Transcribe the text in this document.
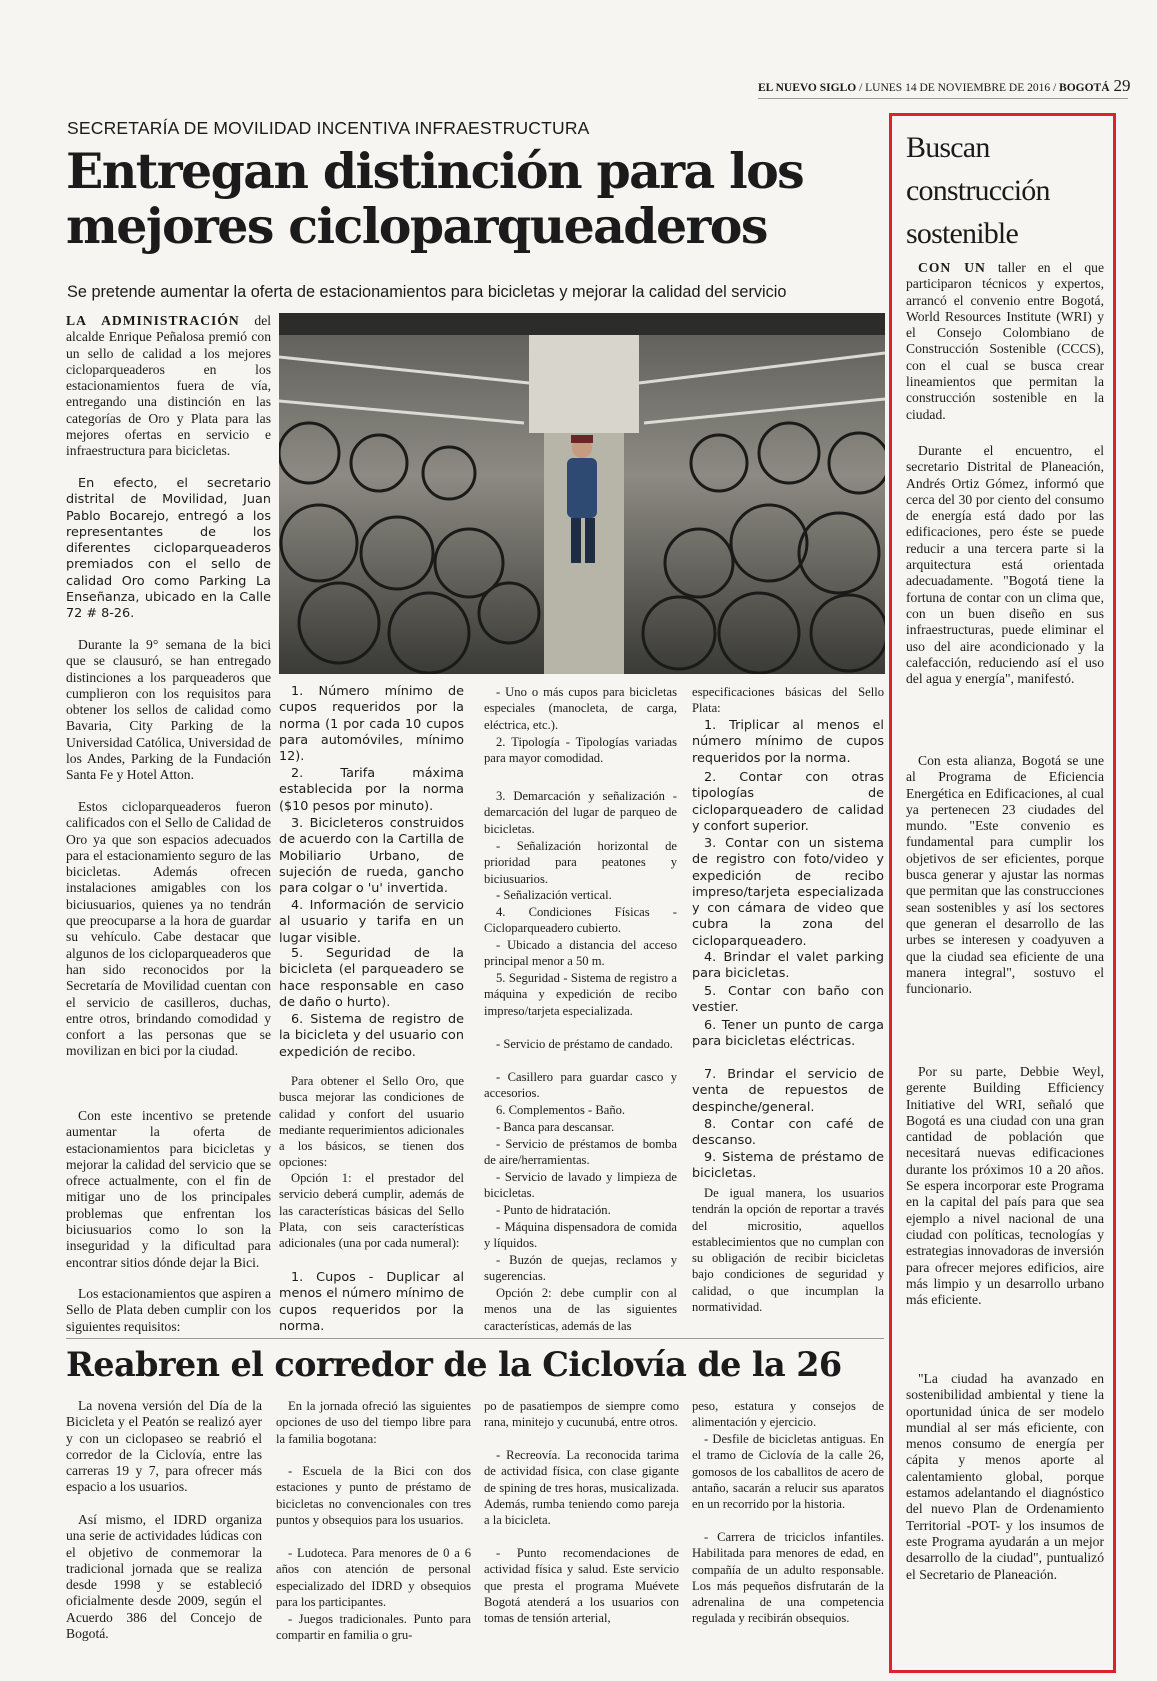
EL NUEVO SIGLO / LUNES 14 DE NOVIEMBRE DE 2016 / BOGOTÁ 29
SECRETARÍA DE MOVILIDAD INCENTIVA INFRAESTRUCTURA
Entregan distinción para los mejores cicloparqueaderos
Se pretende aumentar la oferta de estacionamientos para bicicletas y mejorar la calidad del servicio
LA ADMINISTRACIÓN del alcalde Enrique Peñalosa premió con un sello de calidad a los mejores cicloparqueaderos en los estacionamientos fuera de vía, entregando una distinción en las categorías de Oro y Plata para las mejores ofertas en servicio e infraestructura para bicicletas.
En efecto, el secretario distrital de Movilidad, Juan Pablo Bocarejo, entregó a los representantes de los diferentes cicloparqueaderos premiados con el sello de calidad Oro como Parking La Enseñanza, ubicado en la Calle 72 # 8-26.
Durante la 9° semana de la bici que se clausuró, se han entregado distinciones a los parqueaderos que cumplieron con los requisitos para obtener los sellos de calidad como Bavaria, City Parking de la Universidad Católica, Universidad de los Andes, Parking de la Fundación Santa Fe y Hotel Atton.
Estos cicloparqueaderos fueron calificados con el Sello de Calidad de Oro ya que son espacios adecuados para el estacionamiento seguro de las bicicletas. Además ofrecen instalaciones amigables con los biciusuarios, quienes ya no tendrán que preocuparse a la hora de guardar su vehículo. Cabe destacar que algunos de los cicloparqueaderos que han sido reconocidos por la Secretaría de Movilidad cuentan con el servicio de casilleros, duchas, entre otros, brindando comodidad y confort a las personas que se movilizan en bici por la ciudad.
Con este incentivo se pretende aumentar la oferta de estacionamientos para bicicletas y mejorar la calidad del servicio que se ofrece actualmente, con el fin de mitigar uno de los principales problemas que enfrentan los biciusuarios como lo son la inseguridad y la dificultad para encontrar sitios dónde dejar la Bici.
Los estacionamientos que aspiren a Sello de Plata deben cumplir con los siguientes requisitos:
1. Número mínimo de cupos requeridos por la norma (1 por cada 10 cupos para automóviles, mínimo 12).
2. Tarifa máxima establecida por la norma ($10 pesos por minuto).
3. Bicicleteros construidos de acuerdo con la Cartilla de Mobiliario Urbano, de sujeción de rueda, gancho para colgar o 'u' invertida.
4. Información de servicio al usuario y tarifa en un lugar visible.
5. Seguridad de la bicicleta (el parqueadero se hace responsable en caso de daño o hurto).
6. Sistema de registro de la bicicleta y del usuario con expedición de recibo.
Para obtener el Sello Oro, que busca mejorar las condiciones de calidad y confort del usuario mediante requerimientos adicionales a los básicos, se tienen dos opciones:
Opción 1: el prestador del servicio deberá cumplir, además de las características básicas del Sello Plata, con seis características adicionales (una por cada numeral):
1. Cupos - Duplicar al menos el número mínimo de cupos requeridos por la norma.
- Uno o más cupos para bicicletas especiales (manocleta, de carga, eléctrica, etc.).
2. Tipología - Tipologías variadas para mayor comodidad.
3. Demarcación y señalización - demarcación del lugar de parqueo de bicicletas.
- Señalización horizontal de prioridad para peatones y biciusuarios.
- Señalización vertical.
4. Condiciones Físicas - Cicloparqueadero cubierto.
- Ubicado a distancia del acceso principal menor a 50 m.
5. Seguridad - Sistema de registro a máquina y expedición de recibo impreso/tarjeta especializada.
- Servicio de préstamo de candado.
- Casillero para guardar casco y accesorios.
6. Complementos - Baño.
- Banca para descansar.
- Servicio de préstamos de bomba de aire/herramientas.
- Servicio de lavado y limpieza de bicicletas.
- Punto de hidratación.
- Máquina dispensadora de comida y líquidos.
- Buzón de quejas, reclamos y sugerencias.
Opción 2: debe cumplir con al menos una de las siguientes características, además de las
especificaciones básicas del Sello Plata:
1. Triplicar al menos el número mínimo de cupos requeridos por la norma.
2. Contar con otras tipologías de cicloparqueadero de calidad y confort superior.
3. Contar con un sistema de registro con foto/video y expedición de recibo impreso/tarjeta especializada y con cámara de video que cubra la zona del cicloparqueadero.
4. Brindar el valet parking para bicicletas.
5. Contar con baño con vestier.
6. Tener un punto de carga para bicicletas eléctricas.
7. Brindar el servicio de venta de repuestos de despinche/general.
8. Contar con café de descanso.
9. Sistema de préstamo de bicicletas.
De igual manera, los usuarios tendrán la opción de reportar a través del micrositio, aquellos establecimientos que no cumplan con su obligación de recibir bicicletas bajo condiciones de seguridad y calidad, o que incumplan la normatividad.
Buscan construcción sostenible
CON UN taller en el que participaron técnicos y expertos, arrancó el convenio entre Bogotá, World Resources Institute (WRI) y el Consejo Colombiano de Construcción Sostenible (CCCS), con el cual se busca crear lineamientos que permitan la construcción sostenible en la ciudad.
Durante el encuentro, el secretario Distrital de Planeación, Andrés Ortiz Gómez, informó que cerca del 30 por ciento del consumo de energía está dado por las edificaciones, pero éste se puede reducir a una tercera parte si la arquitectura está orientada adecuadamente. "Bogotá tiene la fortuna de contar con un clima que, con un buen diseño en sus infraestructuras, puede eliminar el uso del aire acondicionado y la calefacción, reduciendo así el uso del agua y energía", manifestó.
Con esta alianza, Bogotá se une al Programa de Eficiencia Energética en Edificaciones, al cual ya pertenecen 23 ciudades del mundo. "Este convenio es fundamental para cumplir los objetivos de ser eficientes, porque busca generar y ajustar las normas que permitan que las construcciones sean sostenibles y así los sectores que generan el desarrollo de las urbes se interesen y coadyuven a que la ciudad sea eficiente de una manera integral", sostuvo el funcionario.
Por su parte, Debbie Weyl, gerente Building Efficiency Initiative del WRI, señaló que Bogotá es una ciudad con una gran cantidad de población que necesitará nuevas edificaciones durante los próximos 10 a 20 años. Se espera incorporar este Programa en la capital del país para que sea ejemplo a nivel nacional de una ciudad con políticas, tecnologías y estrategias innovadoras de inversión para ofrecer mejores edificios, aire más limpio y un desarrollo urbano más eficiente.
"La ciudad ha avanzado en sostenibilidad ambiental y tiene la oportunidad única de ser modelo mundial al ser más eficiente, con menos consumo de energía per cápita y menos aporte al calentamiento global, porque estamos adelantando el diagnóstico del nuevo Plan de Ordenamiento Territorial -POT- y los insumos de este Programa ayudarán a un mejor desarrollo de la ciudad", puntualizó el Secretario de Planeación.
Reabren el corredor de la Ciclovía de la 26
La novena versión del Día de la Bicicleta y el Peatón se realizó ayer y con un ciclopaseo se reabrió el corredor de la Ciclovía, entre las carreras 19 y 7, para ofrecer más espacio a los usuarios.
Así mismo, el IDRD organiza una serie de actividades lúdicas con el objetivo de conmemorar la tradicional jornada que se realiza desde 1998 y se estableció oficialmente desde 2009, según el Acuerdo 386 del Concejo de Bogotá.
En la jornada ofreció las siguientes opciones de uso del tiempo libre para la familia bogotana:
- Escuela de la Bici con dos estaciones y punto de préstamo de bicicletas no convencionales con tres puntos y obsequios para los usuarios.
- Ludoteca. Para menores de 0 a 6 años con atención de personal especializado del IDRD y obsequios para los participantes.
- Juegos tradicionales. Punto para compartir en familia o gru-
po de pasatiempos de siempre como rana, minitejo y cucunubá, entre otros.
- Recreovía. La reconocida tarima de actividad física, con clase gigante de spining de tres horas, musicalizada. Además, rumba teniendo como pareja a la bicicleta.
- Punto recomendaciones de actividad física y salud. Este servicio que presta el programa Muévete Bogotá atenderá a los usuarios con tomas de tensión arterial,
peso, estatura y consejos de alimentación y ejercicio.
- Desfile de bicicletas antiguas. En el tramo de Ciclovía de la calle 26, gomosos de los caballitos de acero de antaño, sacarán a relucir sus aparatos en un recorrido por la historia.
- Carrera de triciclos infantiles. Habilitada para menores de edad, en compañía de un adulto responsable. Los más pequeños disfrutarán de la adrenalina de una competencia regulada y recibirán obsequios.
